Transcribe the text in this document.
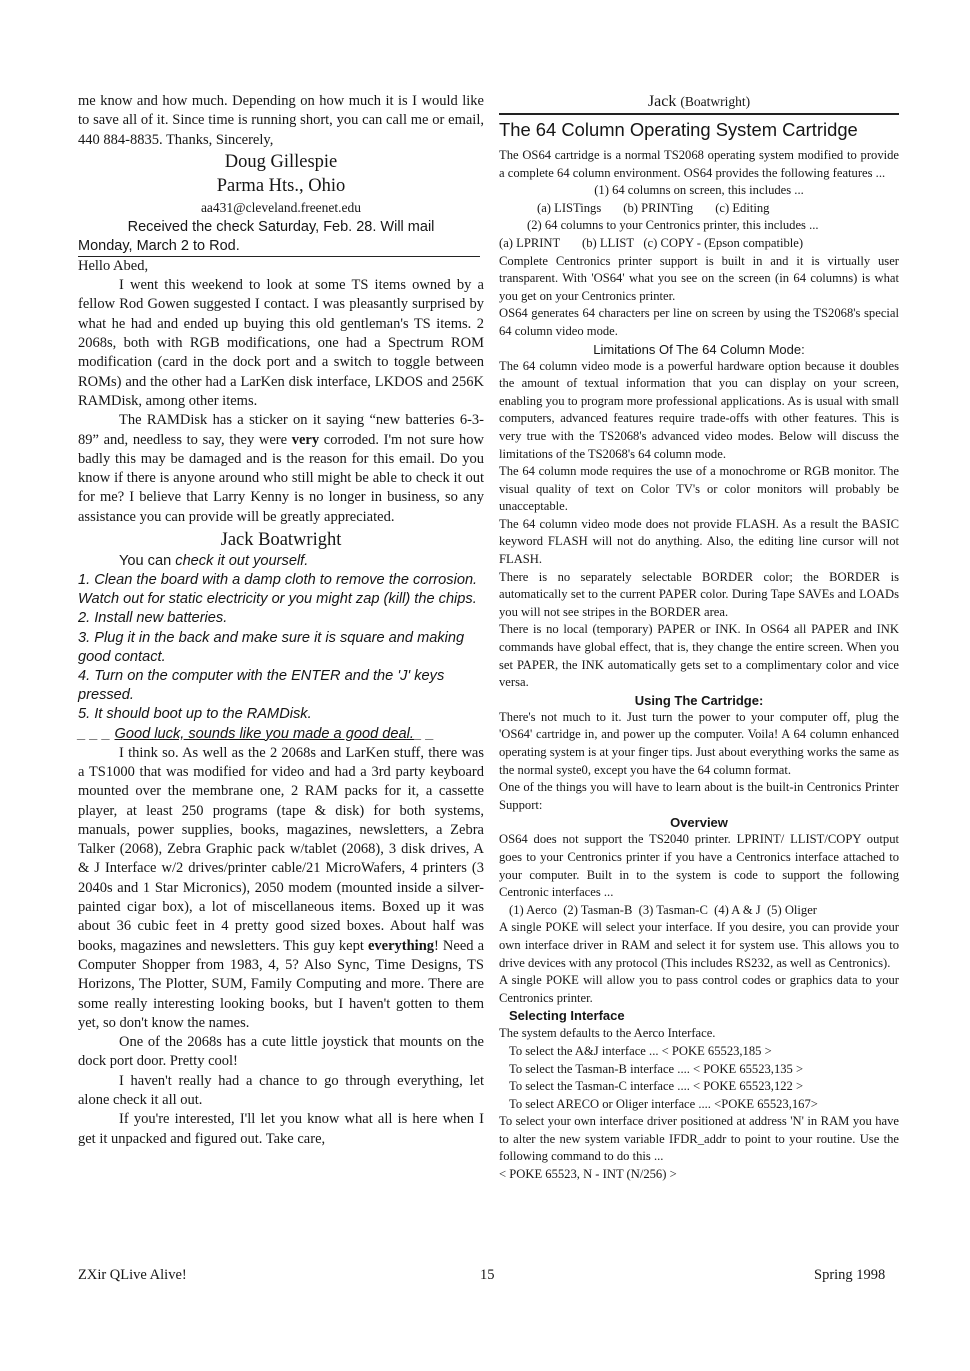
me know and how much. Depending on how much it is I would like to save all of it. Since time is running short, you can call me or email, 440 884-8835. Thanks, Sincerely,

Doug Gillespie

Parma Hts., Ohio

aa431@cleveland.freenet.edu

Received the check Saturday, Feb. 28. Will mail

Monday, March 2 to Rod.

Hello Abed,

I went this weekend to look at some TS items owned by a fellow Rod Gowen suggested I contact. I was pleasantly surprised by what he had and ended up buying this old gentleman's TS items. 2 2068s, both with RGB modifications, one had a Spectrum ROM modification (card in the dock port and a switch to toggle between ROMs) and the other had a LarKen disk interface, LKDOS and 256K RAMDisk, among other items.

The RAMDisk has a sticker on it saying “new batteries 6-3-89” and, needless to say, they were very corroded. I'm not sure how badly this may be damaged and is the reason for this email. Do you know if there is anyone around who still might be able to check it out for me? I believe that Larry Kenny is no longer in business, so any assistance you can provide will be greatly appreciated.

Jack Boatwright

You can check it out yourself.

1. Clean the board with a damp cloth to remove the corrosion. Watch out for static electricity or you might zap (kill) the chips.

2. Install new batteries.

3. Plug it in the back and make sure it is square and making good contact.

4. Turn on the computer with the ENTER and the 'J' keys pressed.

5. It should boot up to the RAMDisk.

_ _ _ Good luck, sounds like you made a good deal._ _

I think so. As well as the 2 2068s and LarKen stuff, there was a TS1000 that was modified for video and had a 3rd party keyboard mounted over the membrane one, 2 RAM packs for it, a cassette player, at least 250 programs (tape & disk) for both systems, manuals, power supplies, books, magazines, newsletters, a Zebra Talker (2068), Zebra Graphic pack w/tablet (2068), 3 disk drives, A & J Interface w/2 drives/printer cable/21 MicroWafers, 4 printers (3 2040s and 1 Star Micronics), 2050 modem (mounted inside a silver-painted cigar box), a lot of miscellaneous items. Boxed up it was about 36 cubic feet in 4 pretty good sized boxes. About half was books, magazines and newsletters. This guy kept everything! Need a Computer Shopper from 1983, 4, 5? Also Sync, Time Designs, TS Horizons, The Plotter, SUM, Family Computing and more. There are some really interesting looking books, but I haven't gotten to them yet, so don't know the names.

One of the 2068s has a cute little joystick that mounts on the dock port door. Pretty cool!

I haven't really had a chance to go through everything, let alone check it all out.

If you're interested, I'll let you know what all is here when I get it unpacked and figured out. Take care,

Jack (Boatwright)

The 64 Column Operating System Cartridge

The OS64 cartridge is a normal TS2068 operating system modified to provide a complete 64 column environment. OS64 provides the following features ...

(1) 64 columns on screen, this includes ...

(a) LISTings       (b) PRINTing       (c) Editing

(2) 64 columns to your Centronics printer, this includes ...

(a) LPRINT       (b) LLIST   (c) COPY - (Epson compatible)

Complete Centronics printer support is built in and it is virtually user transparent. With 'OS64' what you see on the screen (in 64 columns) is what you get on your Centronics printer.

OS64 generates 64 characters per line on screen by using the TS2068's special 64 column video mode.

Limitations Of The 64 Column Mode:

The 64 column video mode is a powerful hardware option because it doubles the amount of textual information that you can display on your screen, enabling you to program more professional applications. As is usual with small computers, advanced features require trade-offs with other features. This is very true with the TS2068's advanced video modes. Below will discuss the limitations of the TS2068's 64 column mode.

The 64 column mode requires the use of a monochrome or RGB monitor. The visual quality of text on Color TV's or color monitors will probably be unacceptable.

The 64 column video mode does not provide FLASH. As a result the BASIC keyword FLASH will not do anything. Also, the editing line cursor will not FLASH.

There is no separately selectable BORDER color; the BORDER is automatically set to the current PAPER color. During Tape SAVEs and LOADs you will not see stripes in the BORDER area.

There is no local (temporary) PAPER or INK. In OS64 all PAPER and INK commands have global effect, that is, they change the entire screen. When you set PAPER, the INK automatically gets set to a complimentary color and vice versa.

Using The Cartridge:

There's not much to it. Just turn the power to your computer off, plug the 'OS64' cartridge in, and power up the computer. Voila! A 64 column enhanced operating system is at your finger tips. Just about everything works the same as the normal syste0, except you have the 64 column format.

One of the things you will have to learn about is the built-in Centronics Printer Support:

Overview

OS64 does not support the TS2040 printer. LPRINT/ LLIST/COPY output goes to your Centronics printer if you have a Centronics interface attached to your computer. Built in to the system is code to support the following Centronic interfaces ...

(1) Aerco  (2) Tasman-B  (3) Tasman-C  (4) A & J  (5) Oliger

A single POKE will select your interface. If you desire, you can provide your own interface driver in RAM and select it for system use. This allows you to drive devices with any protocol (This includes RS232, as well as Centronics).

A single POKE will allow you to pass control codes or graphics data to your Centronics printer.

Selecting Interface

The system defaults to the Aerco Interface.

To select the A&J interface ... < POKE 65523,185 >

To select the Tasman-B interface .... < POKE 65523,135 >

To select the Tasman-C interface .... < POKE 65523,122 >

To select ARECO or Oliger interface .... <POKE 65523,167>

To select your own interface driver positioned at address 'N' in RAM you have to alter the new system variable IFDR_addr to point to your routine. Use the following command to do this ...

< POKE 65523, N - INT (N/256) >

ZXir QLive Alive!	15	Spring 1998
